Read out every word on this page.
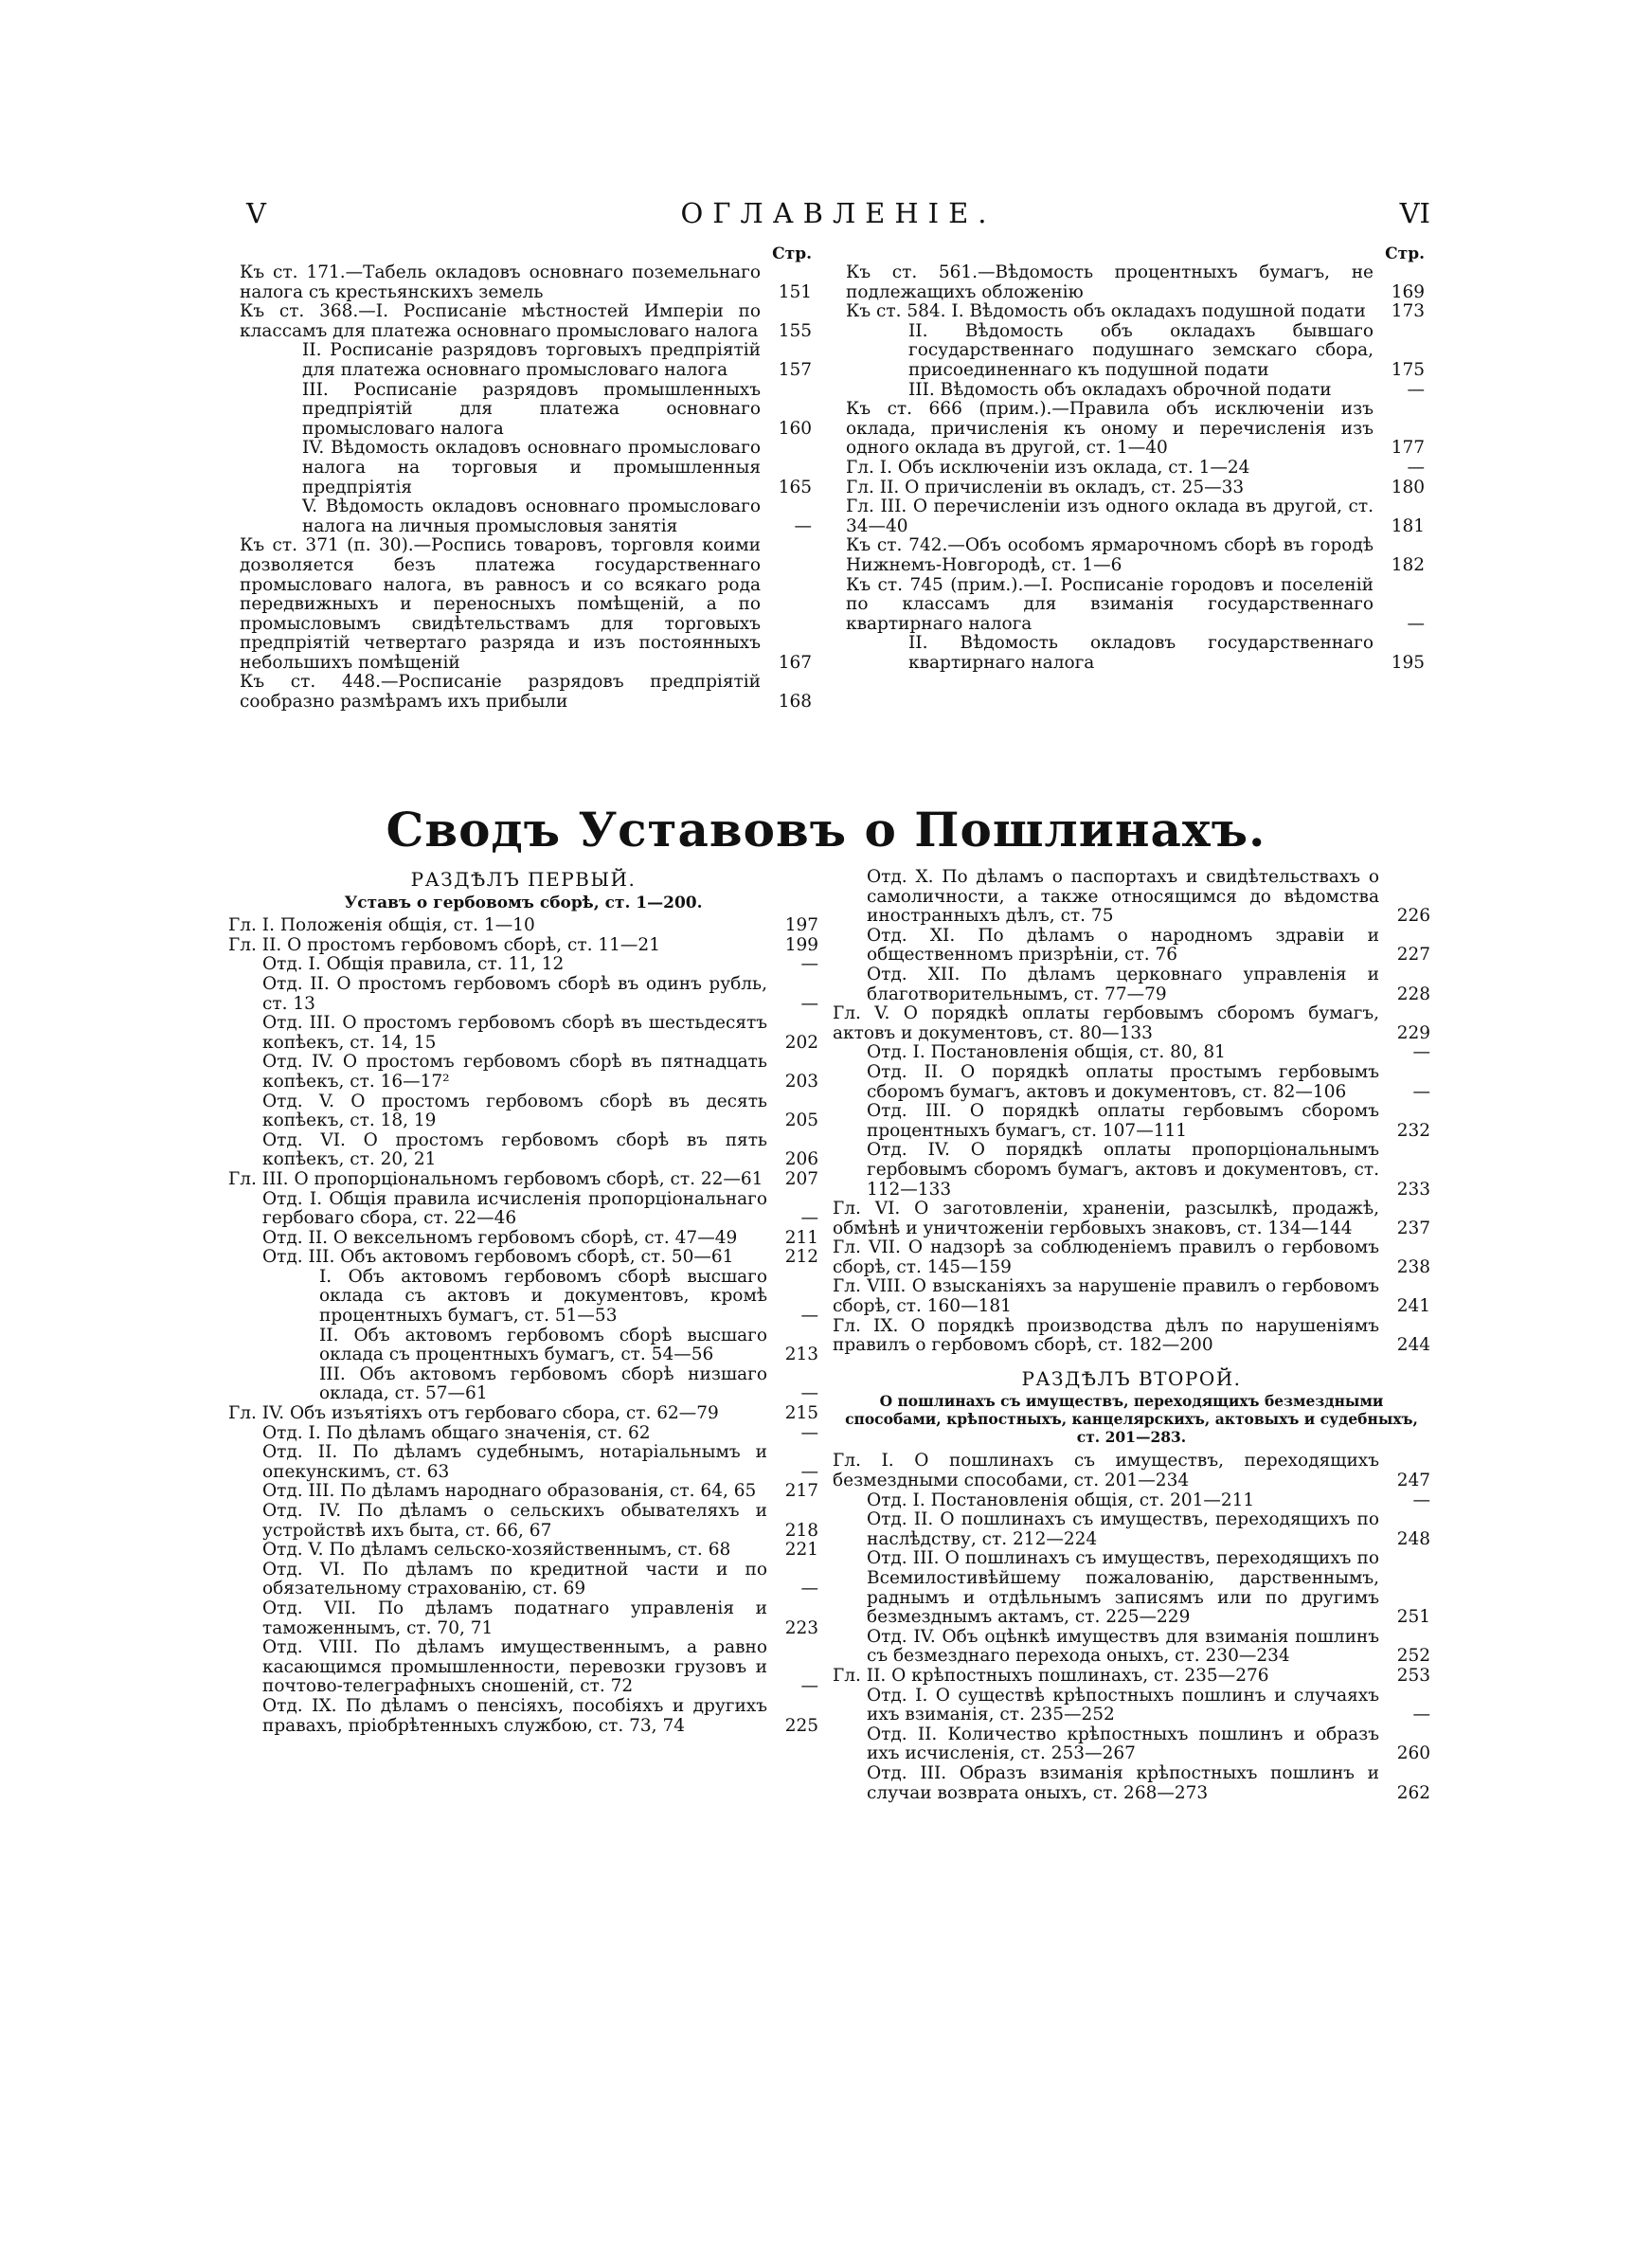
V	ОГЛАВЛЕНІЕ.	VI
Стр.
Къ ст. 171.—Табель окладовъ основнаго поземельнаго налога съ крестьянскихъ земель	151
Къ ст. 368.—I. Росписаніе мѣстностей Имперіи по классамъ для платежа основнаго промысловаго налога	155
II. Росписаніе разрядовъ торговыхъ предпріятій для платежа основнаго промысловаго налога	157
III. Росписаніе разрядовъ промышленныхъ предпріятій для платежа основнаго промысловаго налога	160
IV. Вѣдомость окладовъ основнаго промысловаго налога на торговыя и промышленныя предпріятія	165
V. Вѣдомость окладовъ основнаго промысловаго налога на личныя промысловыя занятія	—
Къ ст. 371 (п. 30).—Роспись товаровъ, торговля коими дозволяется безъ платежа государственнаго промысловаго налога, въ равносъ и со всякаго рода передвижныхъ и переносныхъ помѣщеній, а по промысловымъ свидѣтельствамъ для торговыхъ предпріятій четвертаго разряда и изъ постоянныхъ небольшихъ помѣщеній	167
Къ ст. 448.—Росписаніе разрядовъ предпріятій сообразно размѣрамъ ихъ прибыли	168
Стр.
Къ ст. 561.—Вѣдомость процентныхъ бумагъ, не подлежащихъ обложенію	169
Къ ст. 584. I. Вѣдомость объ окладахъ подушной подати	173
II. Вѣдомость объ окладахъ бывшаго государственнаго подушнаго земскаго сбора, присоединеннаго къ подушной подати	175
III. Вѣдомость объ окладахъ оброчной подати	—
Къ ст. 666 (прим.).—Правила объ исключеніи изъ оклада, причисленія къ оному и перечисленія изъ одного оклада въ другой, ст. 1—40	177
Гл. I. Объ исключеніи изъ оклада, ст. 1—24	—
Гл. II. О причисленіи въ окладъ, ст. 25—33	180
Гл. III. О перечисленіи изъ одного оклада въ другой, ст. 34—40	181
Къ ст. 742.—Объ особомъ ярмарочномъ сборѣ въ городѣ Нижнемъ-Новгородѣ, ст. 1—6	182
Къ ст. 745 (прим.).—I. Росписаніе городовъ и поселеній по классамъ для взиманія государственнаго квартирнаго налога	—
II. Вѣдомость окладовъ государственнаго квартирнаго налога	195
Сводъ Уставовъ о Пошлинахъ.
РАЗДѢЛЪ ПЕРВЫЙ.
Уставъ о гербовомъ сборѣ, ст. 1—200.
Гл. I. Положенія общія, ст. 1—10	197
Гл. II. О простомъ гербовомъ сборѣ, ст. 11—21	199
Отд. I. Общія правила, ст. 11, 12	—
Отд. II. О простомъ гербовомъ сборѣ въ одинъ рубль, ст. 13	—
Отд. III. О простомъ гербовомъ сборѣ въ шестьдесятъ копѣекъ, ст. 14, 15	202
Отд. IV. О простомъ гербовомъ сборѣ въ пятнадцать копѣекъ, ст. 16—17²	203
Отд. V. О простомъ гербовомъ сборѣ въ десять копѣекъ, ст. 18, 19	205
Отд. VI. О простомъ гербовомъ сборѣ въ пять копѣекъ, ст. 20, 21	206
Гл. III. О пропорціональномъ гербовомъ сборѣ, ст. 22—61	207
Отд. I. Общія правила исчисленія пропорціональнаго гербоваго сбора, ст. 22—46	—
Отд. II. О вексельномъ гербовомъ сборѣ, ст. 47—49	211
Отд. III. Объ актовомъ гербовомъ сборѣ, ст. 50—61	212
I. Объ актовомъ гербовомъ сборѣ высшаго оклада съ актовъ и документовъ, кромѣ процентныхъ бумагъ, ст. 51—53	—
II. Объ актовомъ гербовомъ сборѣ высшаго оклада съ процентныхъ бумагъ, ст. 54—56	213
III. Объ актовомъ гербовомъ сборѣ низшаго оклада, ст. 57—61	—
Гл. IV. Объ изъятіяхъ отъ гербоваго сбора, ст. 62—79	215
Отд. I. По дѣламъ общаго значенія, ст. 62	—
Отд. II. По дѣламъ судебнымъ, нотаріальнымъ и опекунскимъ, ст. 63	—
Отд. III. По дѣламъ народнаго образованія, ст. 64, 65	217
Отд. IV. По дѣламъ о сельскихъ обывателяхъ и устройствѣ ихъ быта, ст. 66, 67	218
Отд. V. По дѣламъ сельско-хозяйственнымъ, ст. 68	221
Отд. VI. По дѣламъ по кредитной части и по обязательному страхованію, ст. 69	—
Отд. VII. По дѣламъ податнаго управленія и таможеннымъ, ст. 70, 71	223
Отд. VIII. По дѣламъ имущественнымъ, а равно касающимся промышленности, перевозки грузовъ и почтово-телеграфныхъ сношеній, ст. 72	—
Отд. IX. По дѣламъ о пенсіяхъ, пособіяхъ и другихъ правахъ, пріобрѣтенныхъ службою, ст. 73, 74	225
Отд. X. По дѣламъ о паспортахъ и свидѣтельствахъ о самоличности, а также относящимся до вѣдомства иностранныхъ дѣлъ, ст. 75	226
Отд. XI. По дѣламъ о народномъ здравіи и общественномъ призрѣніи, ст. 76	227
Отд. XII. По дѣламъ церковнаго управленія и благотворительнымъ, ст. 77—79	228
Гл. V. О порядкѣ оплаты гербовымъ сборомъ бумагъ, актовъ и документовъ, ст. 80—133	229
Отд. I. Постановленія общія, ст. 80, 81	—
Отд. II. О порядкѣ оплаты простымъ гербовымъ сборомъ бумагъ, актовъ и документовъ, ст. 82—106	—
Отд. III. О порядкѣ оплаты гербовымъ сборомъ процентныхъ бумагъ, ст. 107—111	232
Отд. IV. О порядкѣ оплаты пропорціональнымъ гербовымъ сборомъ бумагъ, актовъ и документовъ, ст. 112—133	233
Гл. VI. О заготовленіи, храненіи, разсылкѣ, продажѣ, обмѣнѣ и уничтоженіи гербовыхъ знаковъ, ст. 134—144	237
Гл. VII. О надзорѣ за соблюденіемъ правилъ о гербовомъ сборѣ, ст. 145—159	238
Гл. VIII. О взысканіяхъ за нарушеніе правилъ о гербовомъ сборѣ, ст. 160—181	241
Гл. IX. О порядкѣ производства дѣлъ по нарушеніямъ правилъ о гербовомъ сборѣ, ст. 182—200	244
РАЗДѢЛЪ ВТОРОЙ.
О пошлинахъ съ имуществъ, переходящихъ безмездными способами, крѣпостныхъ, канцелярскихъ, актовыхъ и судебныхъ, ст. 201—283.
Гл. I. О пошлинахъ съ имуществъ, переходящихъ безмездными способами, ст. 201—234	247
Отд. I. Постановленія общія, ст. 201—211	—
Отд. II. О пошлинахъ съ имуществъ, переходящихъ по наслѣдству, ст. 212—224	248
Отд. III. О пошлинахъ съ имуществъ, переходящихъ по Всемилостивѣйшему пожалованію, дарственнымъ, раднымъ и отдѣльнымъ записямъ или по другимъ безмезднымъ актамъ, ст. 225—229	251
Отд. IV. Объ оцѣнкѣ имуществъ для взиманія пошлинъ съ безмезднаго перехода оныхъ, ст. 230—234	252
Гл. II. О крѣпостныхъ пошлинахъ, ст. 235—276	253
Отд. I. О существѣ крѣпостныхъ пошлинъ и случаяхъ ихъ взиманія, ст. 235—252	—
Отд. II. Количество крѣпостныхъ пошлинъ и образъ ихъ исчисленія, ст. 253—267	260
Отд. III. Образъ взиманія крѣпостныхъ пошлинъ и случаи возврата оныхъ, ст. 268—273	262
